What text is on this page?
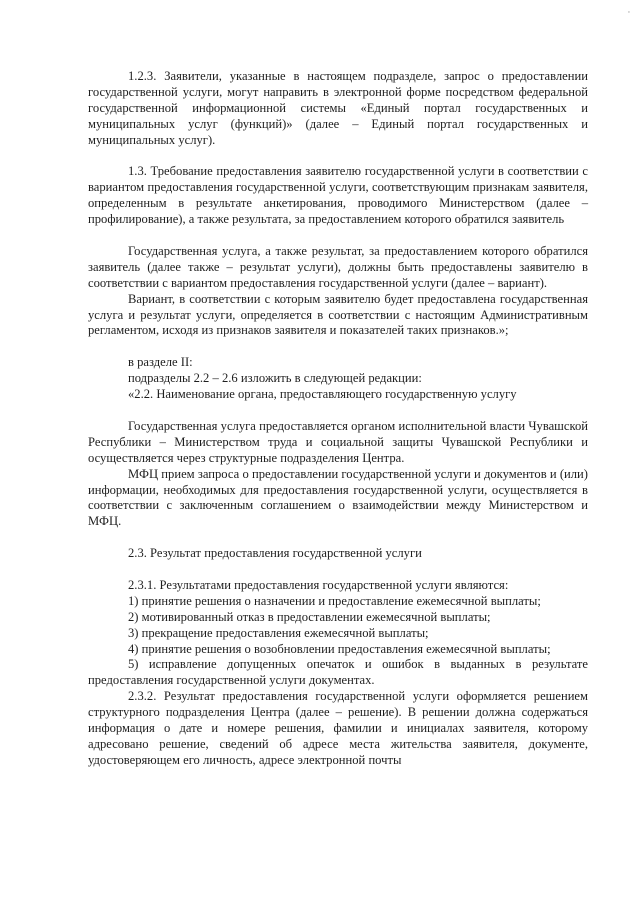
1.2.3. Заявители, указанные в настоящем подразделе, запрос о предоставлении государственной услуги, могут направить в электронной форме посредством федеральной государственной информационной системы «Единый портал государственных и муниципальных услуг (функций)» (далее – Единый портал государственных и муниципальных услуг).

1.3. Требование предоставления заявителю государственной услуги в соответствии с вариантом предоставления государственной услуги, соответствующим признакам заявителя, определенным в результате анкетирования, проводимого Министерством (далее – профилирование), а также результата, за предоставлением которого обратился заявитель

Государственная услуга, а также результат, за предоставлением которого обратился заявитель (далее также – результат услуги), должны быть предоставлены заявителю в соответствии с вариантом предоставления государственной услуги (далее – вариант).

Вариант, в соответствии с которым заявителю будет предоставлена государственная услуга и результат услуги, определяется в соответствии с настоящим Административным регламентом, исходя из признаков заявителя и показателей таких признаков.»;

в разделе II:

подразделы 2.2 – 2.6 изложить в следующей редакции:

«2.2. Наименование органа, предоставляющего государственную услугу

Государственная услуга предоставляется органом исполнительной власти Чувашской Республики – Министерством труда и социальной защиты Чувашской Республики и осуществляется через структурные подразделения Центра.

МФЦ прием запроса о предоставлении государственной услуги и документов и (или) информации, необходимых для предоставления государственной услуги, осуществляется в соответствии с заключенным соглашением о взаимодействии между Министерством и МФЦ.

2.3. Результат предоставления государственной услуги

2.3.1. Результатами предоставления государственной услуги являются:

1) принятие решения о назначении и предоставление ежемесячной выплаты;

2) мотивированный отказ в предоставлении ежемесячной выплаты;

3) прекращение предоставления ежемесячной выплаты;

4) принятие решения о возобновлении предоставления ежемесячной выплаты;

5) исправление допущенных опечаток и ошибок в выданных в результате предоставления государственной услуги документах.

2.3.2. Результат предоставления государственной услуги оформляется решением структурного подразделения Центра (далее – решение). В решении должна содержаться информация о дате и номере решения, фамилии и инициалах заявителя, которому адресовано решение, сведений об адресе места жительства заявителя, документе, удостоверяющем его личность, адресе электронной почты

'
